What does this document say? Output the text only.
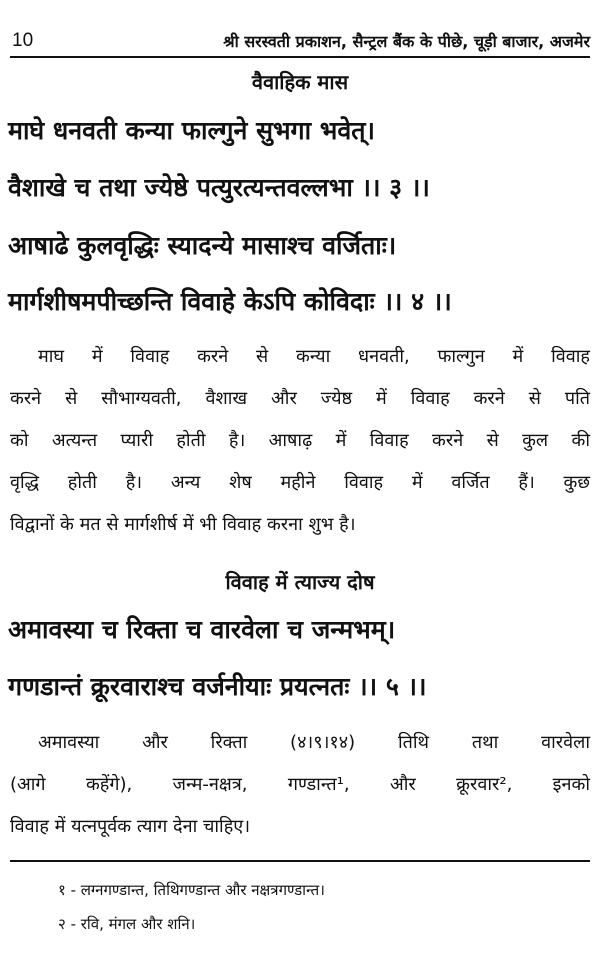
10	श्री सरस्वती प्रकाशन, सैन्ट्रल बैंक के पीछे, चूड़ी बाजार, अजमेर
वैवाहिक मास
माघे धनवती कन्या फाल्गुने सुभगा भवेत्।
वैशाखे च तथा ज्येष्ठे पत्युरत्यन्तवल्लभा ।। ३ ।।
आषाढे कुलवृद्धिः स्यादन्ये मासाश्च वर्जिताः।
मार्गशीषमपीच्छन्ति विवाहे केऽपि कोविदाः ।। ४ ।।
माघ में विवाह करने से कन्या धनवती, फाल्गुन में विवाह
करने से सौभाग्यवती, वैशाख और ज्येष्ठ में विवाह करने से पति
को अत्यन्त प्यारी होती है। आषाढ़ में विवाह करने से कुल की
वृद्धि होती है। अन्य शेष महीने विवाह में वर्जित हैं। कुछ
विद्वानों के मत से मार्गशीर्ष में भी विवाह करना शुभ है।
विवाह में त्याज्य दोष
अमावस्या च रिक्ता च वारवेला च जन्मभम्।
गणडान्तं क्रूरवाराश्च वर्जनीयाः प्रयत्नतः ।। ५ ।।
अमावस्या और रिक्ता (४।९।१४) तिथि तथा वारवेला
(आगे कहेंगे), जन्म-नक्षत्र, गण्डान्त¹, और क्रूरवार², इनको
विवाह में यत्नपूर्वक त्याग देना चाहिए।
१ - लग्नगण्डान्त, तिथिगण्डान्त और नक्षत्रगण्डान्त।
२ - रवि, मंगल और शनि।
